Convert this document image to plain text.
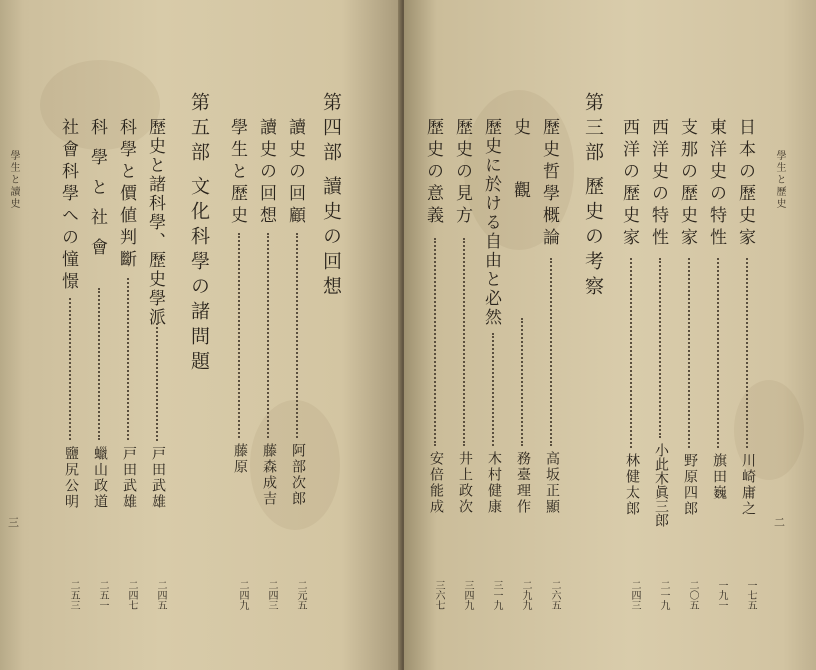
學生と讀史
三
第四部
讀史の回想
讀史の回顧
阿部次郎
二元五
讀史の回想
藤森成吉
二四三
學生と歷史
藤原
二四九
第五部
文化科學の諸問題
歷史と諸科學、歷史學派
戸田武雄
二四五
科學と價値判斷
戸田武雄
二四七
科學と社會
蠟山政道
二五一
社會科學への憧憬
鹽尻公明
二五三
學生と歷史
二
日本の歷史家
川崎庸之
一七五
東洋史の特性
旗田巍
一九一
支那の歷史家
野原四郎
二〇五
西洋史の特性
小此木眞三郎
二一九
西洋の歷史家
林健太郎
二四三
第三部
歷史の考察
歷史哲學概論
高坂正顯
二六五
史觀
務臺理作
二九九
歷史に於ける自由と必然
木村健康
三一九
歷史の見方
井上政次
三四九
歷史の意義
安倍能成
三六七
